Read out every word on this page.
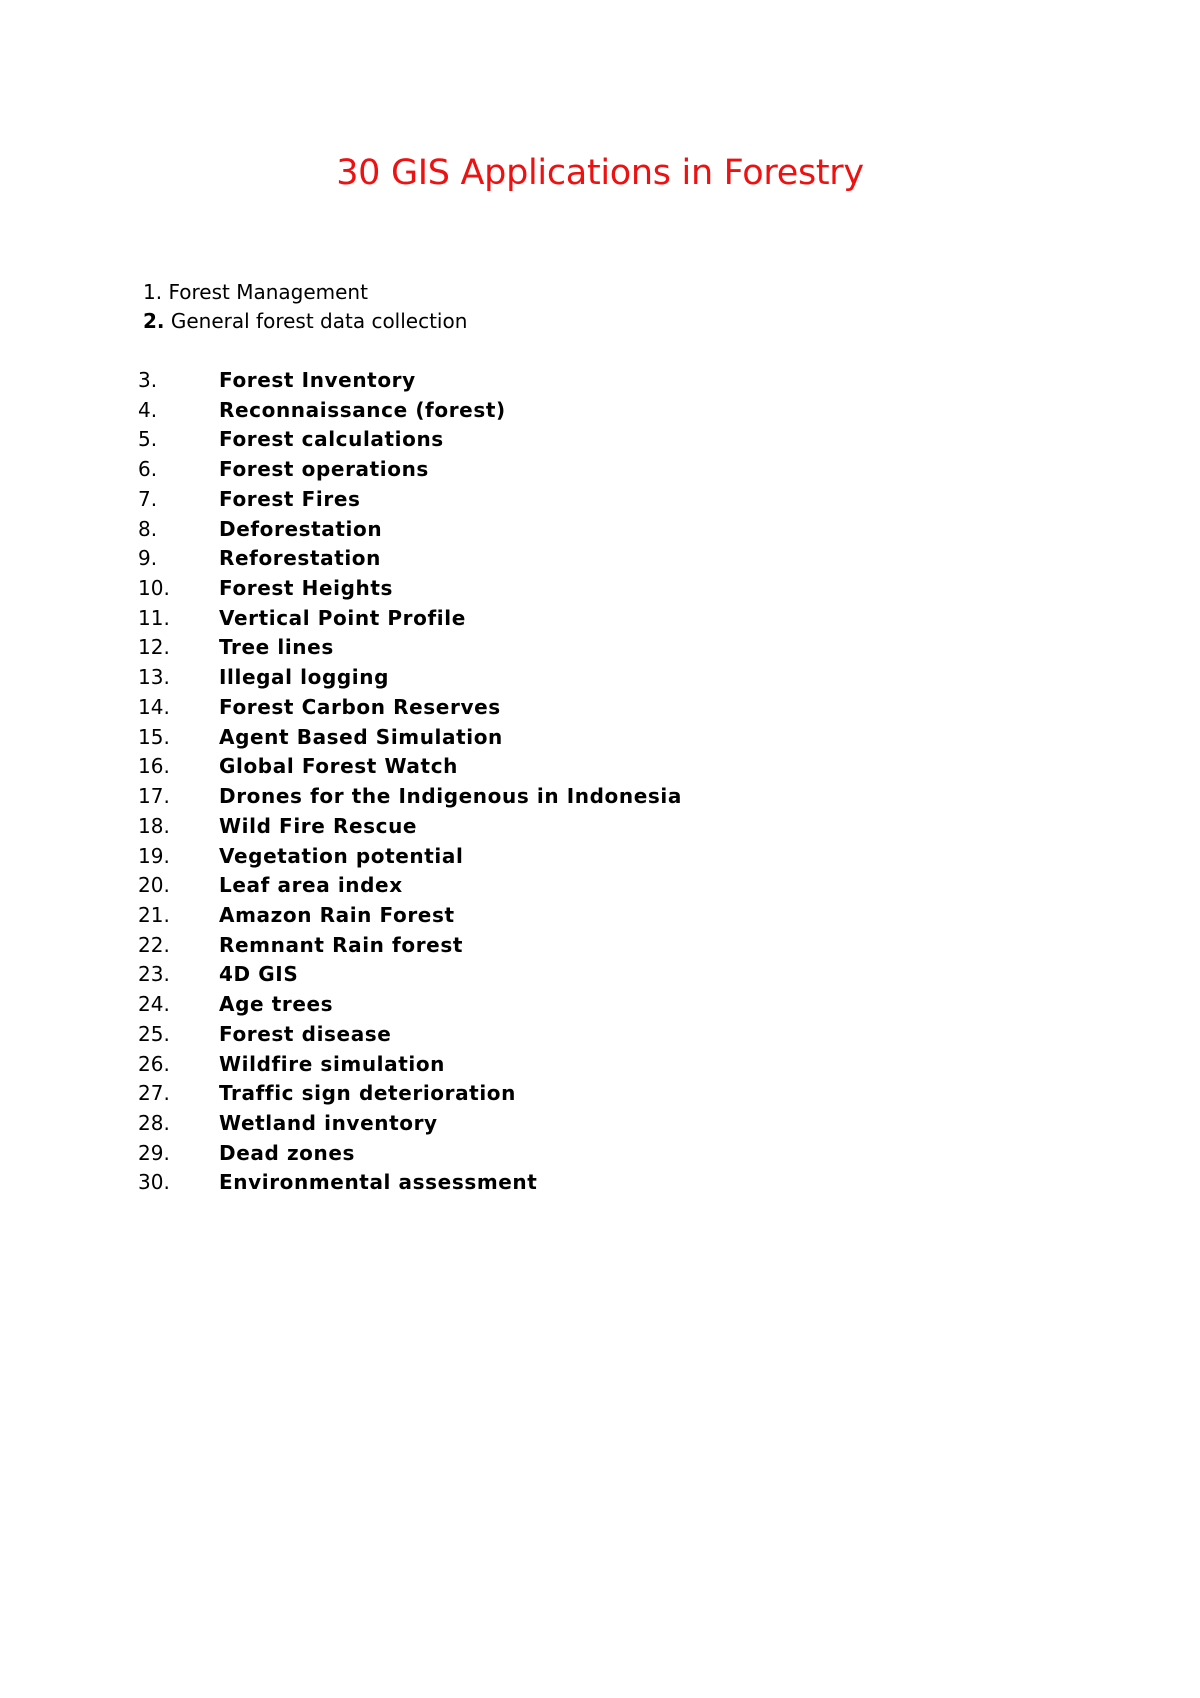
30 GIS Applications in Forestry
1. Forest Management
2. General forest data collection
3.	Forest Inventory
4.	Reconnaissance (forest)
5.	Forest calculations
6.	Forest operations
7.	Forest Fires
8.	Deforestation
9.	Reforestation
10.	Forest Heights
11.	Vertical Point Profile
12.	Tree lines
13.	Illegal logging
14.	Forest Carbon Reserves
15.	Agent Based Simulation
16.	Global Forest Watch
17.	Drones for the Indigenous in Indonesia
18.	Wild Fire Rescue
19.	Vegetation potential
20.	Leaf area index
21.	Amazon Rain Forest
22.	Remnant Rain forest
23.	4D GIS
24.	Age trees
25.	Forest disease
26.	Wildfire simulation
27.	Traffic sign deterioration
28.	Wetland inventory
29.	Dead zones
30.	Environmental assessment
